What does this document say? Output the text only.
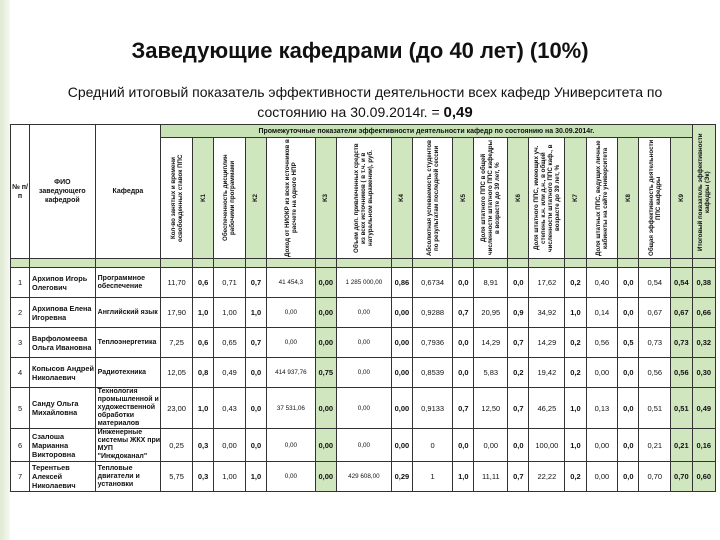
Заведующие кафедрами (до 40 лет) (10%)
Средний итоговый показатель эффективности деятельности всех кафедр Университета по
состоянию на 30.09.2014г. = 0,49
№ п/п	ФИО заведующего кафедрой	Кафедра	Промежуточные показатели эффективности деятельности кафедр по состоянию на 30.09.2014г.																		Итоговый показатель эффективности кафедры (Эк)

			Кол-во занятых и времени освобожденных ставок ППС	K1	Обеспеченность дисциплин рабочими программами	K2	Доход от НИОКР из всех источников в расчете на одного НПР	K3	Объем доп. привлеченных средств из всех источников ( в т.ч. и в натуральном выражении), руб.	K4	Абсолютная успеваемость студентов по результатам последней сессии	K5	Доля штатного ППС в общей численности штатного ППС кафедры в возрасте до 39 лет, %	K6	Доля штатного ППС, имеющих уч. степень к.н. или д.н., в общей численности штатного ППС каф., в возрасте до 39 лет, %	K7	Доля штатных ППС, ведущих личные кабинеты на сайте университета	K8	Общая эффективность деятельности ППС кафедры	K9	

1	Архипов Игорь Олегович	Программное обеспечение	11,70	0,6	0,71	0,7	41 454,3	0,00	1 285 000,00	0,86	0,6734	0,0	8,91	0,0	17,62	0,2	0,40	0,0	0,54	0,54	0,38
2	Архипова Елена Игоревна	Английский язык	17,90	1,0	1,00	1,0	0,00	0,00	0,00	0,00	0,9288	0,7	20,95	0,9	34,92	1,0	0,14	0,0	0,67	0,67	0,66
3	Варфоломеева Ольга Ивановна	Теплоэнергетика	7,25	0,6	0,65	0,7	0,00	0,00	0,00	0,00	0,7936	0,0	14,29	0,7	14,29	0,2	0,56	0,5	0,73	0,73	0,32
4	Копысов Андрей Николаевич	Радиотехника	12,05	0,8	0,49	0,0	414 937,76	0,75	0,00	0,00	0,8539	0,0	5,83	0,2	19,42	0,2	0,00	0,0	0,56	0,56	0,30
5	Санду Ольга Михайловна	Технология промышленной и художественной обработки материалов	23,00	1,0	0,43	0,0	37 531,06	0,00	0,00	0,00	0,9133	0,7	12,50	0,7	46,25	1,0	0,13	0,0	0,51	0,51	0,49
6	Сзалоша Марианна Викторовна	Инженерные системы ЖКХ при МУП "Инждоканал"	0,25	0,3	0,00	0,0	0,00	0,00	0,00	0,00	0	0,0	0,00	0,0	100,00	1,0	0,00	0,0	0,21	0,21	0,16
7	Терентьев Алексей Николаевич	Тепловые двигатели и установки	5,75	0,3	1,00	1,0	0,00	0,00	429 608,00	0,29	1	1,0	11,11	0,7	22,22	0,2	0,00	0,0	0,70	0,70	0,60
